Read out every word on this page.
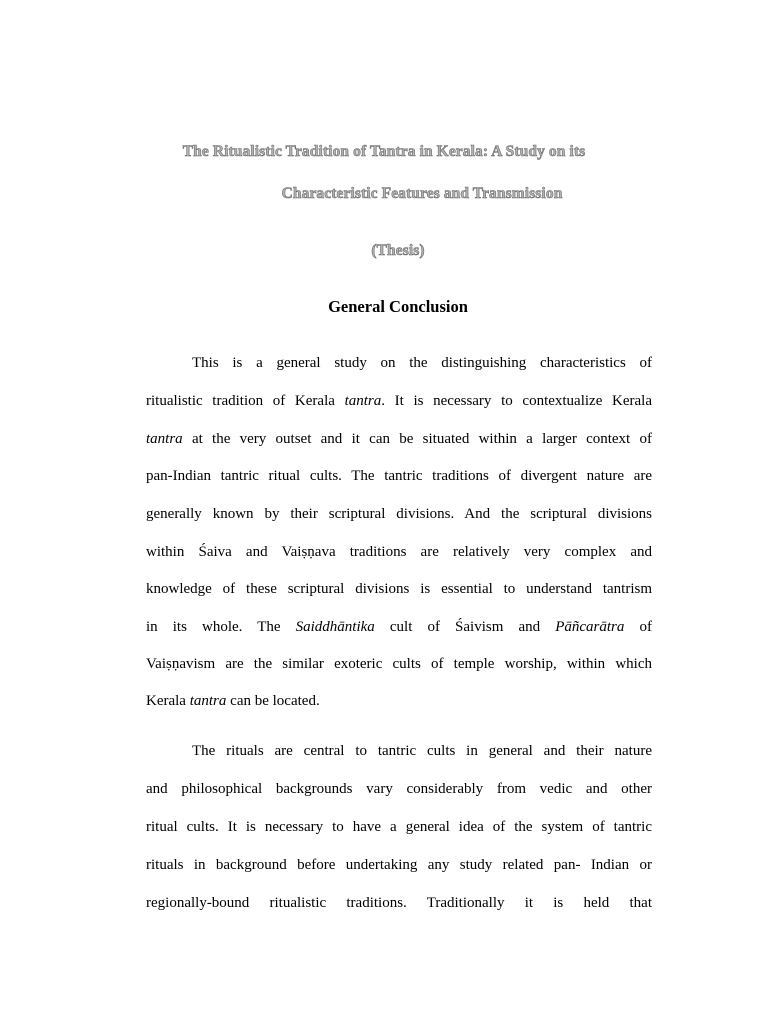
The Ritualistic Tradition of Tantra in Kerala: A Study on its
Characteristic Features and Transmission
(Thesis)
General Conclusion
This is a general study on the distinguishing characteristics of
ritualistic tradition of Kerala tantra. It is necessary to contextualize Kerala
tantra at the very outset and it can be situated within a larger context of
pan-Indian tantric ritual cults. The tantric traditions of divergent nature are
generally known by their scriptural divisions. And the scriptural divisions
within Śaiva and Vaiṣṇava traditions are relatively very complex and
knowledge of these scriptural divisions is essential to understand tantrism
in its whole. The Saiddhāntika cult of Śaivism and Pāñcarātra of
Vaiṣṇavism are the similar exoteric cults of temple worship, within which
Kerala tantra can be located.
The rituals are central to tantric cults in general and their nature
and philosophical backgrounds vary considerably from vedic and other
ritual cults. It is necessary to have a general idea of the system of tantric
rituals in background before undertaking any study related pan- Indian or
regionally-bound ritualistic traditions. Traditionally it is held that
